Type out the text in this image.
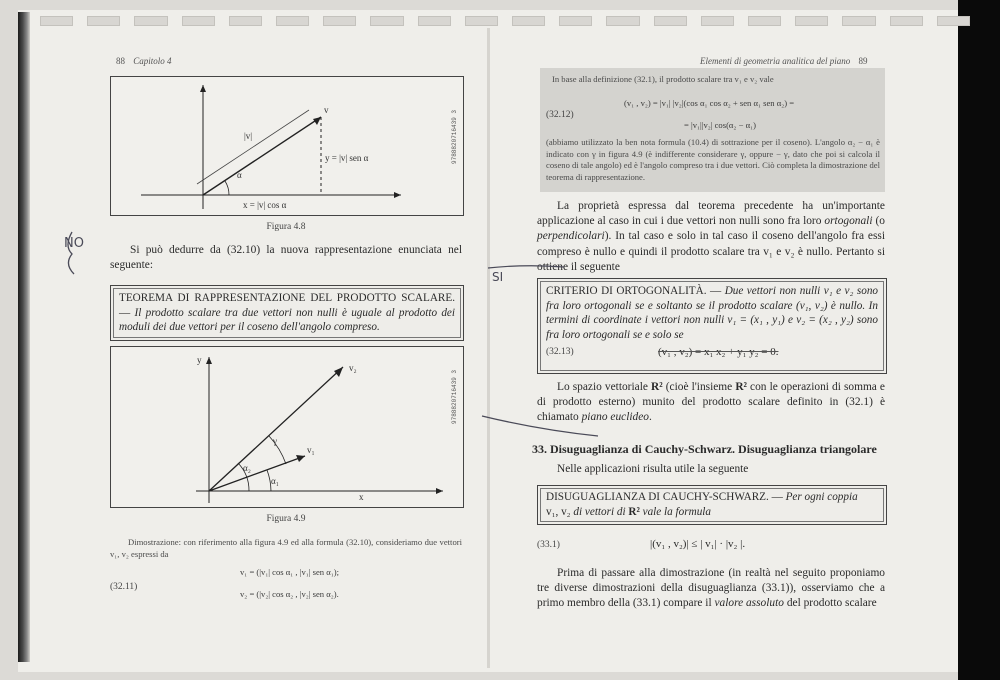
88 Capitolo 4
v
|v|
α
y = |v| sen α
x = |v| cos α
9788820716439 3
Figura 4.8
NO	Si può dedurre da (32.10) la nuova rappresentazione enunciata nel seguente:
TEOREMA DI RAPPRESENTAZIONE DEL PRODOTTO SCALARE. — Il prodotto scalare tra due vettori non nulli è uguale al prodotto dei moduli dei due vettori per il coseno dell'angolo compreso.
y
x
v₂
v₁
γ
α₂
α₁
9788820716439 3
Figura 4.9
Dimostrazione: con riferimento alla figura 4.9 ed alla formula (32.10), consideriamo due vettori v₁, v₂ espressi da
(32.11)
v₁ = (|v₁| cos α₁ , |v₁| sen α₁);
v₂ = (|v₂| cos α₂ , |v₂| sen α₂).
Elementi di geometria analitica del piano 89
In base alla definizione (32.1), il prodotto scalare tra v₁ e v₂ vale
(v₁ , v₂) = |v₁| |v₂|(cos α₁ cos α₂ + sen α₁ sen α₂) =
(32.12)
= |v₁||v₂| cos(α₂ − α₁)
(abbiamo utilizzato la ben nota formula (10.4) di sottrazione per il coseno). L'angolo α₂ − α₁ è indicato con γ in figura 4.9 (è indifferente considerare γ, oppure − γ, dato che poi si calcola il coseno di tale angolo) ed è l'angolo compreso tra i due vettori. Ciò completa la dimostrazione del teorema di rappresentazione.
La proprietà espressa dal teorema precedente ha un'importante applicazione al caso in cui i due vettori non nulli sono fra loro ortogonali (o perpendicolari). In tal caso e solo in tal caso il coseno dell'angolo fra essi compreso è nullo e quindi il prodotto scalare tra v₁ e v₂ è nullo. Pertanto si ottiene il seguente
SI
CRITERIO DI ORTOGONALITÀ. — Due vettori non nulli v₁ e v₂ sono fra loro ortogonali se e soltanto se il prodotto scalare (v₁, v₂) è nullo. In termini di coordinate i vettori non nulli v₁ = (x₁ , y₁) e v₂ = (x₂ , y₂) sono fra loro ortogonali se e solo se
(32.13)	(v₁ , v₂) = x₁ x₂ + y₁ y₂ = 0.
Lo spazio vettoriale R² (cioè l'insieme R² con le operazioni di somma e di prodotto esterno) munito del prodotto scalare definito in (32.1) è chiamato piano euclideo.
33. Disuguaglianza di Cauchy-Schwarz. Disuguaglianza triangolare
Nelle applicazioni risulta utile la seguente
DISUGUAGLIANZA DI CAUCHY-SCHWARZ. — Per ogni coppia
v₁, v₂ di vettori di R² vale la formula
(33.1)	|(v₁ , v₂)| ≤ | v₁| · |v₂ |.
Prima di passare alla dimostrazione (in realtà nel seguito proponiamo tre diverse dimostrazioni della disuguaglianza (33.1)), osserviamo che a primo membro della (33.1) compare il valore assoluto del prodotto scalare
